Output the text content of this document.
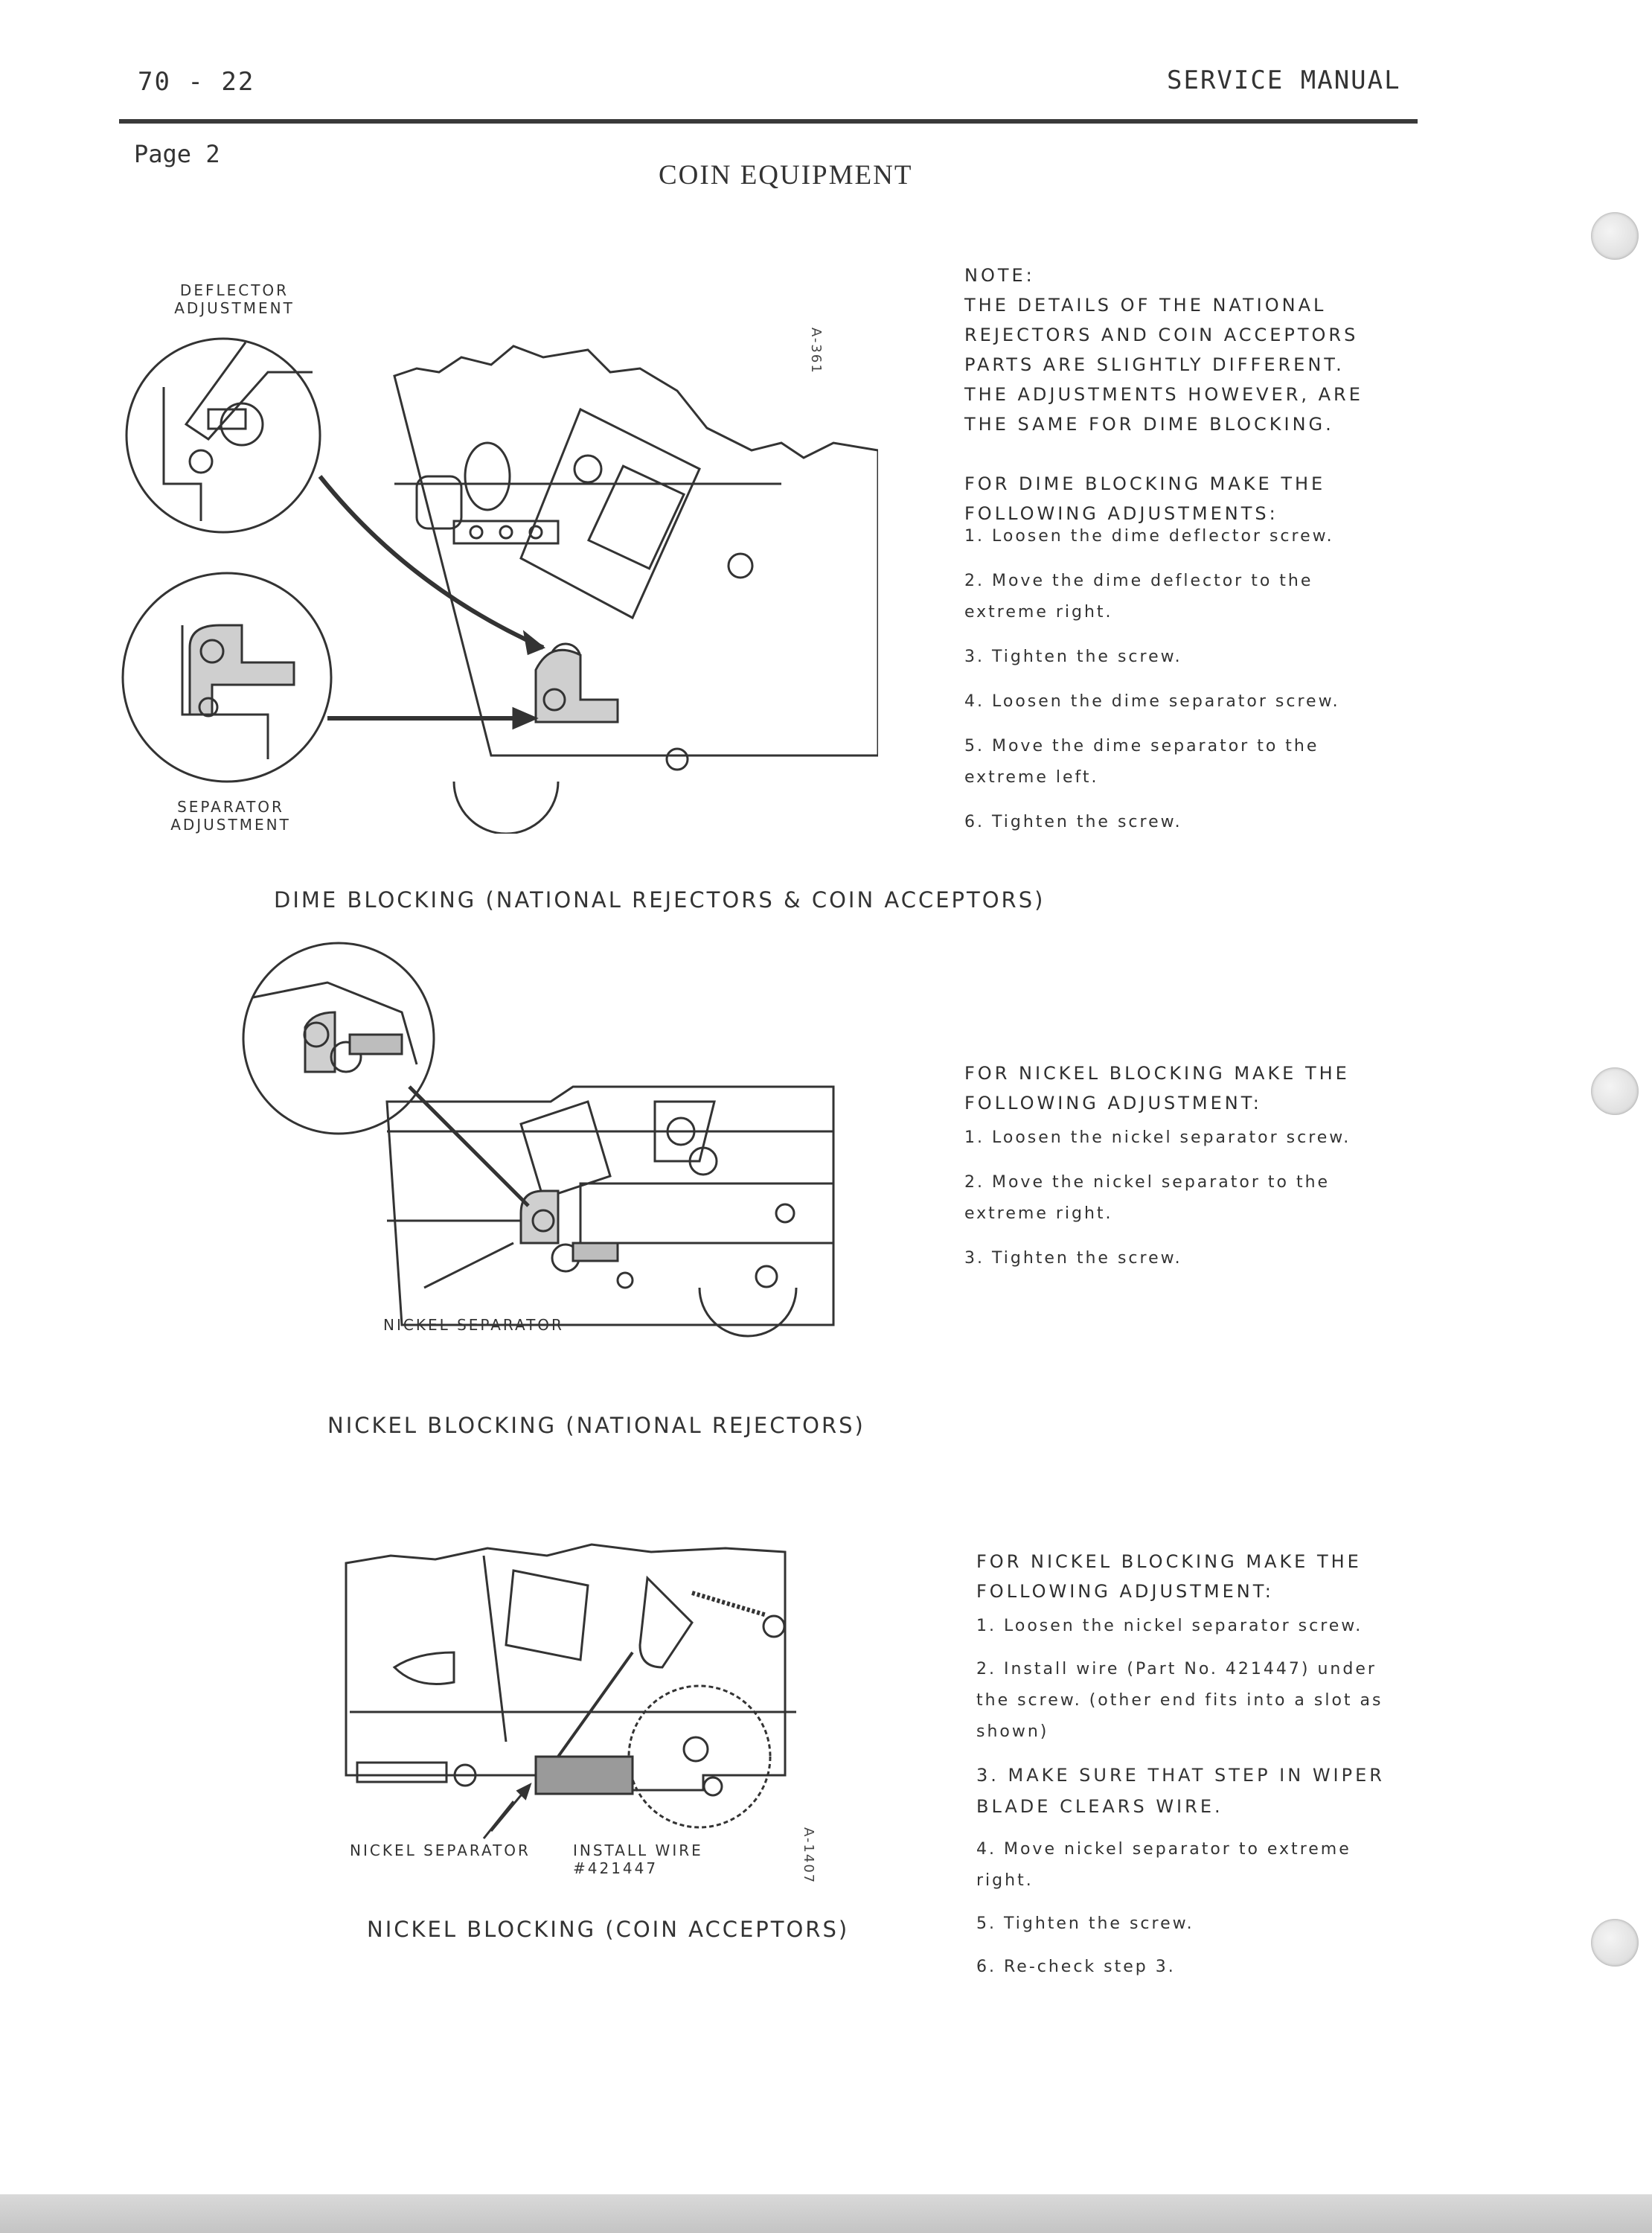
70 - 22	SERVICE MANUAL
Page 2
COIN EQUIPMENT
DEFLECTOR ADJUSTMENT
SEPARATOR ADJUSTMENT
A-361
NOTE:
THE DETAILS OF THE NATIONAL REJECTORS AND COIN ACCEPTORS PARTS ARE SLIGHTLY DIFFERENT. THE ADJUSTMENTS HOWEVER, ARE THE SAME FOR DIME BLOCKING.
FOR DIME BLOCKING MAKE THE FOLLOWING ADJUSTMENTS:
1. Loosen the dime deflector screw.
2. Move the dime deflector to the extreme right.
3. Tighten the screw.
4. Loosen the dime separator screw.
5. Move the dime separator to the extreme left.
6. Tighten the screw.
DIME BLOCKING (NATIONAL REJECTORS & COIN ACCEPTORS)
NICKEL SEPARATOR
FOR NICKEL BLOCKING MAKE THE FOLLOWING ADJUSTMENT:
1. Loosen the nickel separator screw.
2. Move the nickel separator to the extreme right.
3. Tighten the screw.
NICKEL BLOCKING (NATIONAL REJECTORS)
NICKEL SEPARATOR	INSTALL WIRE #421447	A-1407
FOR NICKEL BLOCKING MAKE THE FOLLOWING ADJUSTMENT:
1. Loosen the nickel separator screw.
2. Install wire (Part No. 421447) under the screw. (other end fits into a slot as shown)
3. MAKE SURE THAT STEP IN WIPER BLADE CLEARS WIRE.
4. Move nickel separator to extreme right.
5. Tighten the screw.
6. Re-check step 3.
NICKEL BLOCKING (COIN ACCEPTORS)
